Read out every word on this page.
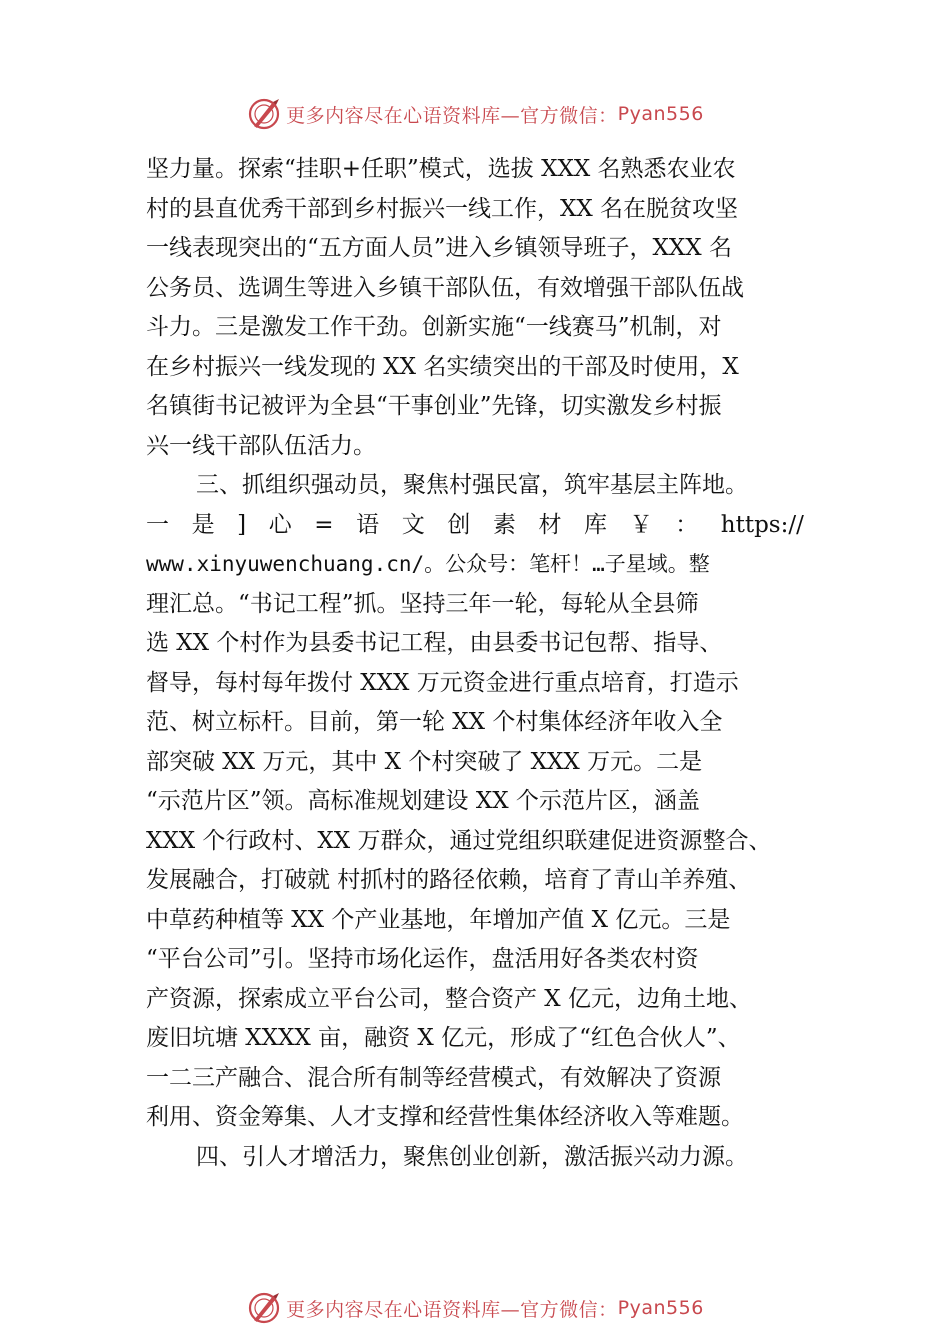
更多内容尽在心语资料库—官方微信： Pyan556
坚力量。探索“挂职+任职”模式，选拔 XXX 名熟悉农业农
村的县直优秀干部到乡村振兴一线工作，XX 名在脱贫攻坚
一线表现突出的“五方面人员”进入乡镇领导班子，XXX 名
公务员、选调生等进入乡镇干部队伍，有效增强干部队伍战
斗力。三是激发工作干劲。创新实施“一线赛马”机制，对
在乡村振兴一线发现的 XX 名实绩突出的干部及时使用，X
名镇街书记被评为全县“干事创业”先锋，切实激发乡村振
兴一线干部队伍活力。
三、抓组织强动员，聚焦村强民富，筑牢基层主阵地。
一 是 ] 心 = 语 文 创 素 材 库 ￥ ： https://
www.xinyuwenchuang.cn/。公众号：笔杆！…子星域。整
理汇总。“书记工程”抓。坚持三年一轮，每轮从全县筛
选 XX 个村作为县委书记工程，由县委书记包帮、指导、
督导，每村每年拨付 XXX 万元资金进行重点培育，打造示
范、树立标杆。目前，第一轮 XX 个村集体经济年收入全
部突破 XX 万元，其中 X 个村突破了 XXX 万元。二是
“示范片区”领。高标准规划建设 XX 个示范片区，涵盖
XXX 个行政村、XX 万群众，通过党组织联建促进资源整合、
发展融合，打破就 村抓村的路径依赖，培育了青山羊养殖、
中草药种植等 XX 个产业基地，年增加产值 X 亿元。三是
“平台公司”引。坚持市场化运作，盘活用好各类农村资
产资源，探索成立平台公司，整合资产 X 亿元，边角土地、
废旧坑塘 XXXX 亩，融资 X 亿元，形成了“红色合伙人”、
一二三产融合、混合所有制等经营模式，有效解决了资源
利用、资金筹集、人才支撑和经营性集体经济收入等难题。
四、引人才增活力，聚焦创业创新，激活振兴动力源。
更多内容尽在心语资料库—官方微信： Pyan556
